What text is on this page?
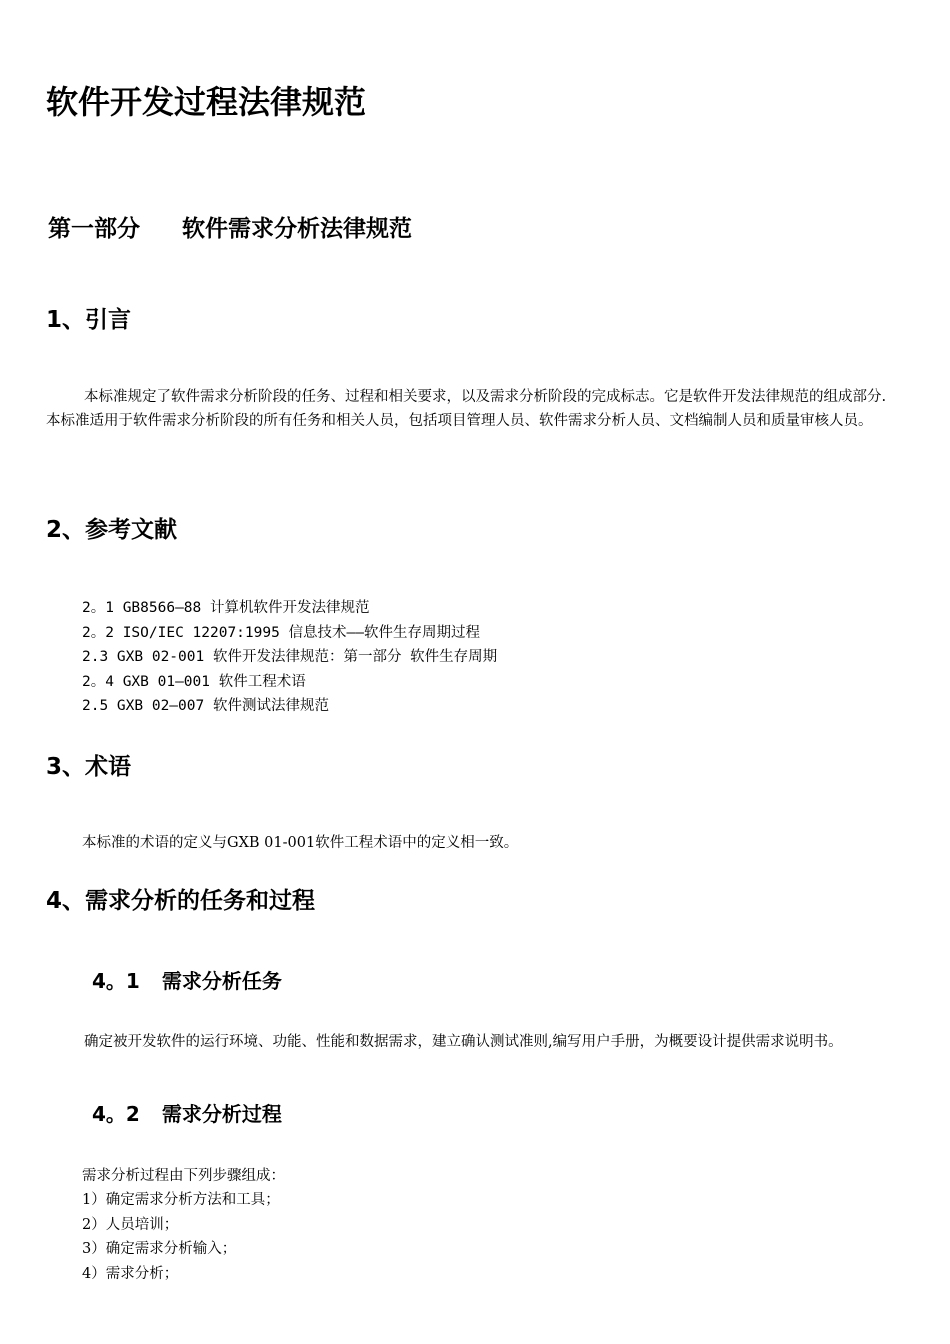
软件开发过程法律规范
第一部分 软件需求分析法律规范
1、引言
本标准规定了软件需求分析阶段的任务、过程和相关要求，以及需求分析阶段的完成标志。它是软件开发法律规范的组成部分.
本标准适用于软件需求分析阶段的所有任务和相关人员，包括项目管理人员、软件需求分析人员、文档编制人员和质量审核人员。
2、参考文献
2。1 GB8566—88 计算机软件开发法律规范
2。2 ISO/IEC 12207:1995 信息技术——软件生存周期过程
2.3 GXB 02-001 软件开发法律规范：第一部分 软件生存周期
2。4 GXB 01—001 软件工程术语
2.5 GXB 02—007 软件测试法律规范
3、术语

本标准的术语的定义与GXB 01-001软件工程术语中的定义相一致。

4、需求分析的任务和过程
4。1 需求分析任务
确定被开发软件的运行环境、功能、性能和数据需求，建立确认测试准则,编写用户手册，为概要设计提供需求说明书。
4。2 需求分析过程

需求分析过程由下列步骤组成：

1）确定需求分析方法和工具；
2）人员培训；
3）确定需求分析输入；
4）需求分析；
